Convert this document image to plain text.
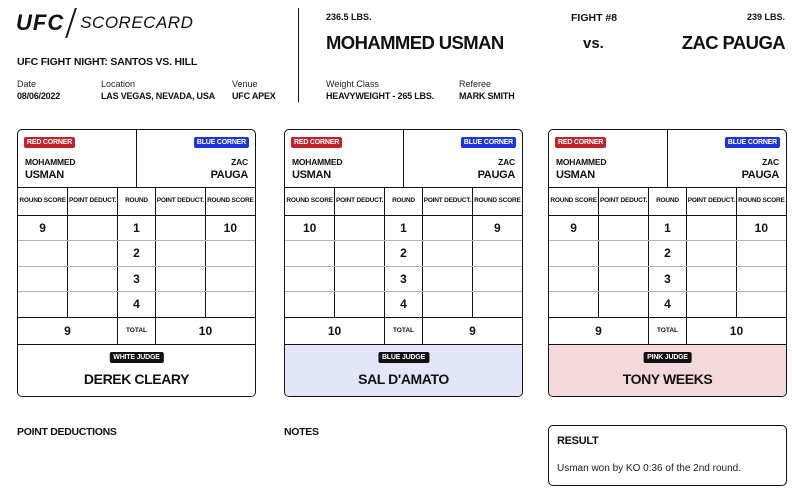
UFC SCORECARD
UFC FIGHT NIGHT: SANTOS VS. HILL
Date
08/06/2022
Location
LAS VEGAS, NEVADA, USA
Venue
UFC APEX
236.5 LBS.
MOHAMMED USMAN
FIGHT #8
vs.
239 LBS.
ZAC PAUGA
Weight Class
HEAVYWEIGHT - 265 LBS.
Referee
MARK SMITH
RED CORNER
MOHAMMED
USMAN
BLUE CORNER
ZAC
PAUGA
ROUND SCORE	POINT DEDUCT.	ROUND	POINT DEDUCT.	ROUND SCORE
9		1		10
		2		
		3		
		4		
9		TOTAL	10	
WHITE JUDGE
DEREK CLEARY
RED CORNER
MOHAMMED
USMAN
BLUE CORNER
ZAC
PAUGA
ROUND SCORE	POINT DEDUCT.	ROUND	POINT DEDUCT.	ROUND SCORE
10		1		9
		2		
		3		
		4		
10		TOTAL	9	
BLUE JUDGE
SAL D'AMATO
RED CORNER
MOHAMMED
USMAN
BLUE CORNER
ZAC
PAUGA
ROUND SCORE	POINT DEDUCT.	ROUND	POINT DEDUCT.	ROUND SCORE
9		1		10
		2		
		3		
		4		
9		TOTAL	10	
PINK JUDGE
TONY WEEKS
POINT DEDUCTIONS	NOTES
RESULT
Usman won by KO 0:36 of the 2nd round.
